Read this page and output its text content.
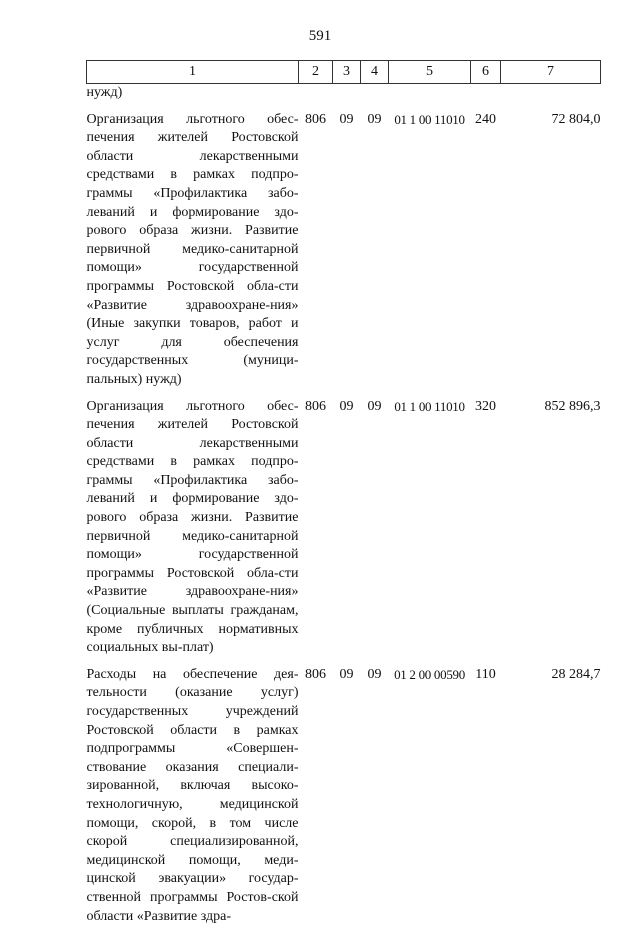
591
1	2	3	4	5	6	7
нужд)						

Организация льготного обес-печения жителей Ростовской области лекарственными средствами в рамках подпро-граммы «Профилактика забо-леваний и формирование здо-рового образа жизни. Развитие первичной медико-санитарной помощи» государственной программы Ростовской обла-сти «Развитие здравоохране-ния» (Иные закупки товаров, работ и услуг для обеспечения государственных (муници-пальных) нужд)	806	09	09	01 1 00 11010	240	72 804,0

Организация льготного обес-печения жителей Ростовской области лекарственными средствами в рамках подпро-граммы «Профилактика забо-леваний и формирование здо-рового образа жизни. Развитие первичной медико-санитарной помощи» государственной программы Ростовской обла-сти «Развитие здравоохране-ния» (Социальные выплаты гражданам, кроме публичных нормативных социальных вы-плат)	806	09	09	01 1 00 11010	320	852 896,3

Расходы на обеспечение дея-тельности (оказание услуг) государственных учреждений Ростовской области в рамках подпрограммы «Совершен-ствование оказания специали-зированной, включая высоко-технологичную, медицинской помощи, скорой, в том числе скорой специализированной, медицинской помощи, меди-цинской эвакуации» государ-ственной программы Ростов-ской области «Развитие здра-	806	09	09	01 2 00 00590	110	28 284,7
